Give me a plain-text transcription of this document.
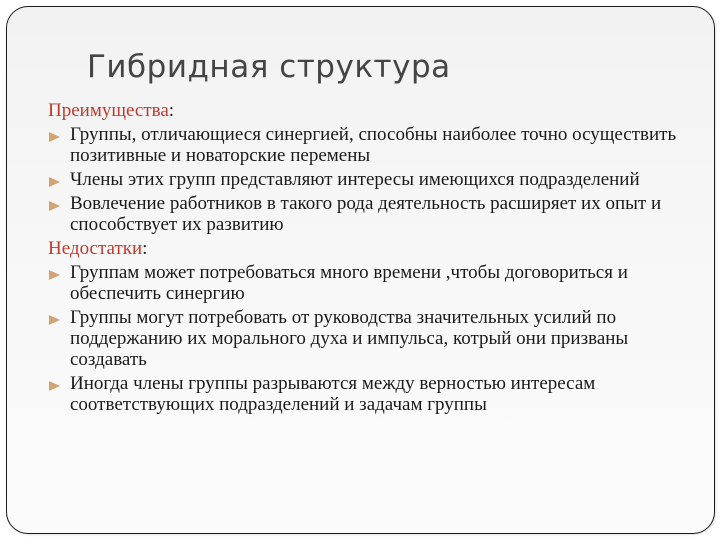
Гибридная структура

Преимущества:

Группы, отличающиеся синергией, способны наиболее точно осуществить позитивные и новаторские перемены
Члены этих групп представляют интересы имеющихся подразделений
Вовлечение работников в такого рода деятельность расширяет их опыт и способствует их развитию

Недостатки:

Группам может потребоваться много времени ,чтобы договориться и обеспечить синергию
Группы могут потребовать от руководства значительных усилий по поддержанию их морального духа и импульса, котрый они призваны создавать
Иногда члены группы разрываются между верностью интересам соответствующих подразделений и задачам группы
